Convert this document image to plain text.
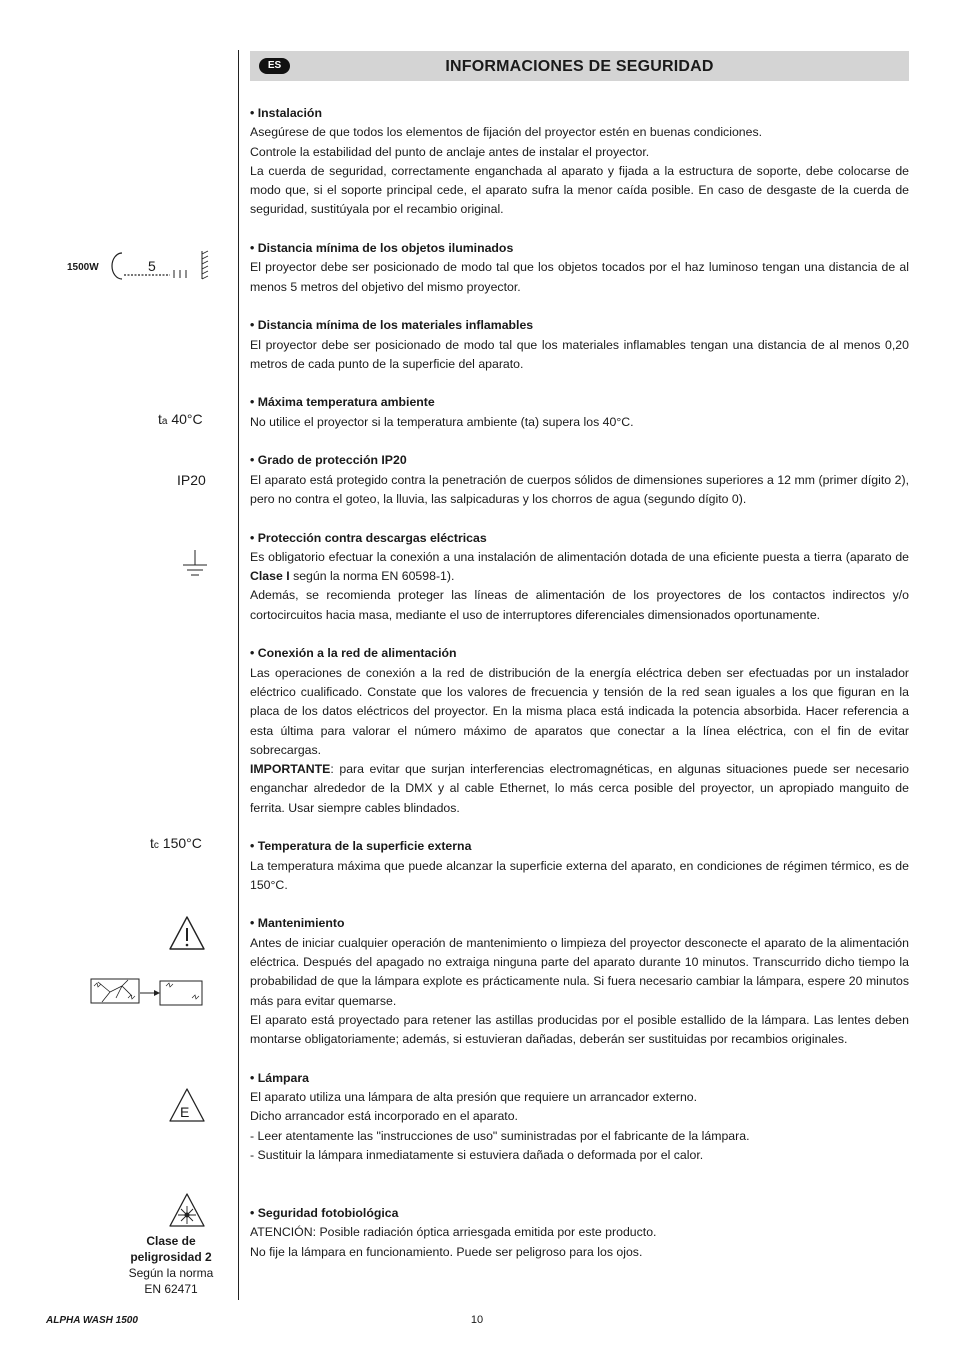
ES	INFORMACIONES DE SEGURIDAD
1500W	5
ta 40°C
IP20
tc 150°C
E
Clase de
peligrosidad 2
Según la norma
EN 62471
• Instalación

Asegúrese de que todos los elementos de fijación del proyector estén en buenas condiciones.

Controle la estabilidad del punto de anclaje antes de instalar el proyector.

La cuerda de seguridad, correctamente enganchada al aparato y fijada a la estructura de soporte, debe colocarse de modo que, si el soporte principal cede, el aparato sufra la menor caída posible. En caso de desgaste de la cuerda de seguridad, sustitúyala por el recambio original.

• Distancia mínima de los objetos iluminados

El proyector debe ser posicionado de modo tal que los objetos tocados por el haz luminoso tengan una distancia de al menos 5 metros del objetivo del mismo proyector.

• Distancia mínima de los materiales inflamables

El proyector debe ser posicionado de modo tal que los materiales inflamables tengan una distancia de al menos 0,20 metros de cada punto de la superficie del aparato.

• Máxima temperatura ambiente

No utilice el proyector si la temperatura ambiente (ta) supera los 40°C.

• Grado de protección IP20

El aparato está protegido contra la penetración de cuerpos sólidos de dimensiones superiores a 12 mm (primer dígito 2), pero no contra el goteo, la lluvia, las salpicaduras y los chorros de agua (segundo dígito 0).

• Protección contra descargas eléctricas

Es obligatorio efectuar la conexión a una instalación de alimentación dotada de una eficiente puesta a tierra (aparato de Clase I según la norma EN 60598-1).

Además, se recomienda proteger las líneas de alimentación de los proyectores de los contactos indirectos y/o cortocircuitos hacia masa, mediante el uso de interruptores diferenciales dimensionados oportunamente.

• Conexión a la red de alimentación

Las operaciones de conexión a la red de distribución de la energía eléctrica deben ser efectuadas por un instalador eléctrico cualificado. Constate que los valores de frecuencia y tensión de la red sean iguales a los que figuran en la placa de los datos eléctricos del proyector. En la misma placa está indicada la potencia absorbida. Hacer referencia a esta última para valorar el número máximo de aparatos que conectar a la línea eléctrica, con el fin de evitar sobrecargas.

IMPORTANTE: para evitar que surjan interferencias electromagnéticas, en algunas situaciones puede ser necesario enganchar alrededor de la DMX y al cable Ethernet, lo más cerca posible del proyector, un apropiado manguito de ferrita. Usar siempre cables blindados.

• Temperatura de la superficie externa

La temperatura máxima que puede alcanzar la superficie externa del aparato, en condiciones de régimen térmico, es de 150°C.

• Mantenimiento

Antes de iniciar cualquier operación de mantenimiento o limpieza del proyector desconecte el aparato de la alimentación eléctrica. Después del apagado no extraiga ninguna parte del aparato durante 10 minutos. Transcurrido dicho tiempo la probabilidad de que la lámpara explote es prácticamente nula. Si fuera necesario cambiar la lámpara, espere 20 minutos más para evitar quemarse.

El aparato está proyectado para retener las astillas producidas por el posible estallido de la lámpara. Las lentes deben montarse obligatoriamente; además, si estuvieran dañadas, deberán ser sustituidas por recambios originales.

• Lámpara

El aparato utiliza una lámpara de alta presión que requiere un arrancador externo.

Dicho arrancador está incorporado en el aparato.

- Leer atentamente las "instrucciones de uso" suministradas por el fabricante de la lámpara.

- Sustituir la lámpara inmediatamente si estuviera dañada o deformada por el calor.

• Seguridad fotobiológica

ATENCIÓN: Posible radiación óptica arriesgada emitida por este producto.

No fije la lámpara en funcionamiento. Puede ser peligroso para los ojos.

ALPHA WASH 1500	10
